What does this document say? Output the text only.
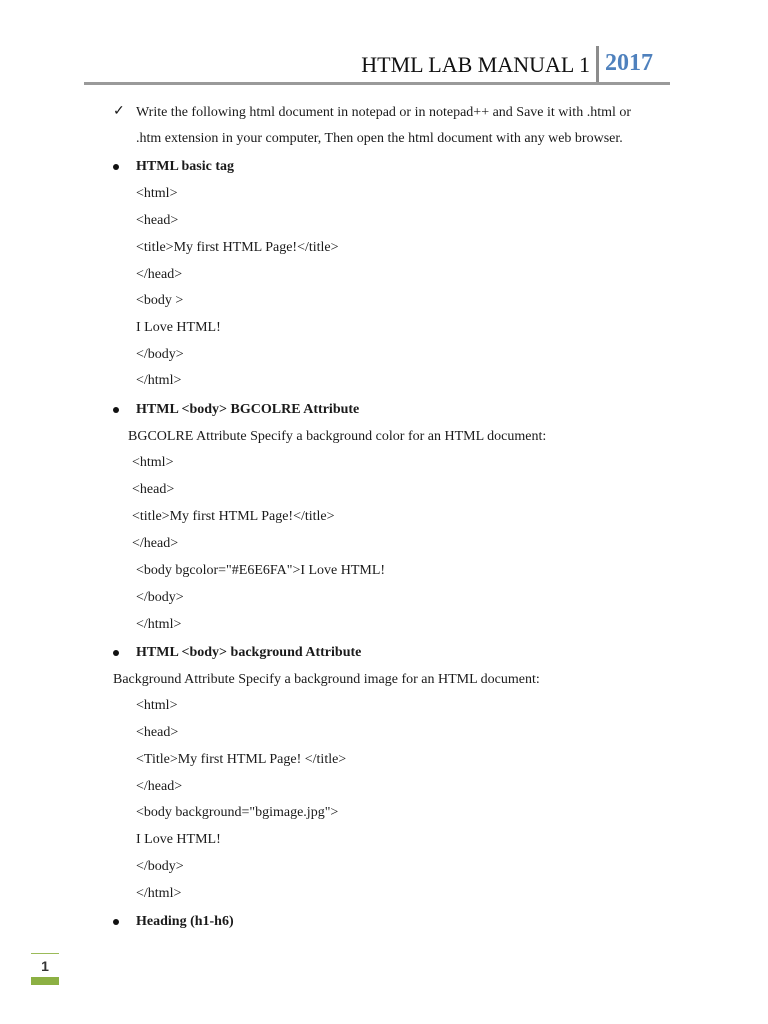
HTML LAB MANUAL 1 2017
✓ Write the following html document in notepad or in notepad++ and Save it with .html or
.htm extension in your computer, Then open the html document with any web browser.
HTML basic tag
<html>
<head>
<title>My first HTML Page!</title>
</head>
<body >
I Love HTML!
</body>
</html>
HTML <body> BGCOLRE Attribute
BGCOLRE Attribute Specify a background color for an HTML document:
<html>
<head>
<title>My first HTML Page!</title>
</head>
<body bgcolor="#E6E6FA">I Love HTML!
</body>
</html>
HTML <body> background Attribute
Background Attribute Specify a background image for an HTML document:
<html>
<head>
<Title>My first HTML Page! </title>
</head>
<body background="bgimage.jpg">
I Love HTML!
</body>
</html>
Heading (h1-h6)
1
